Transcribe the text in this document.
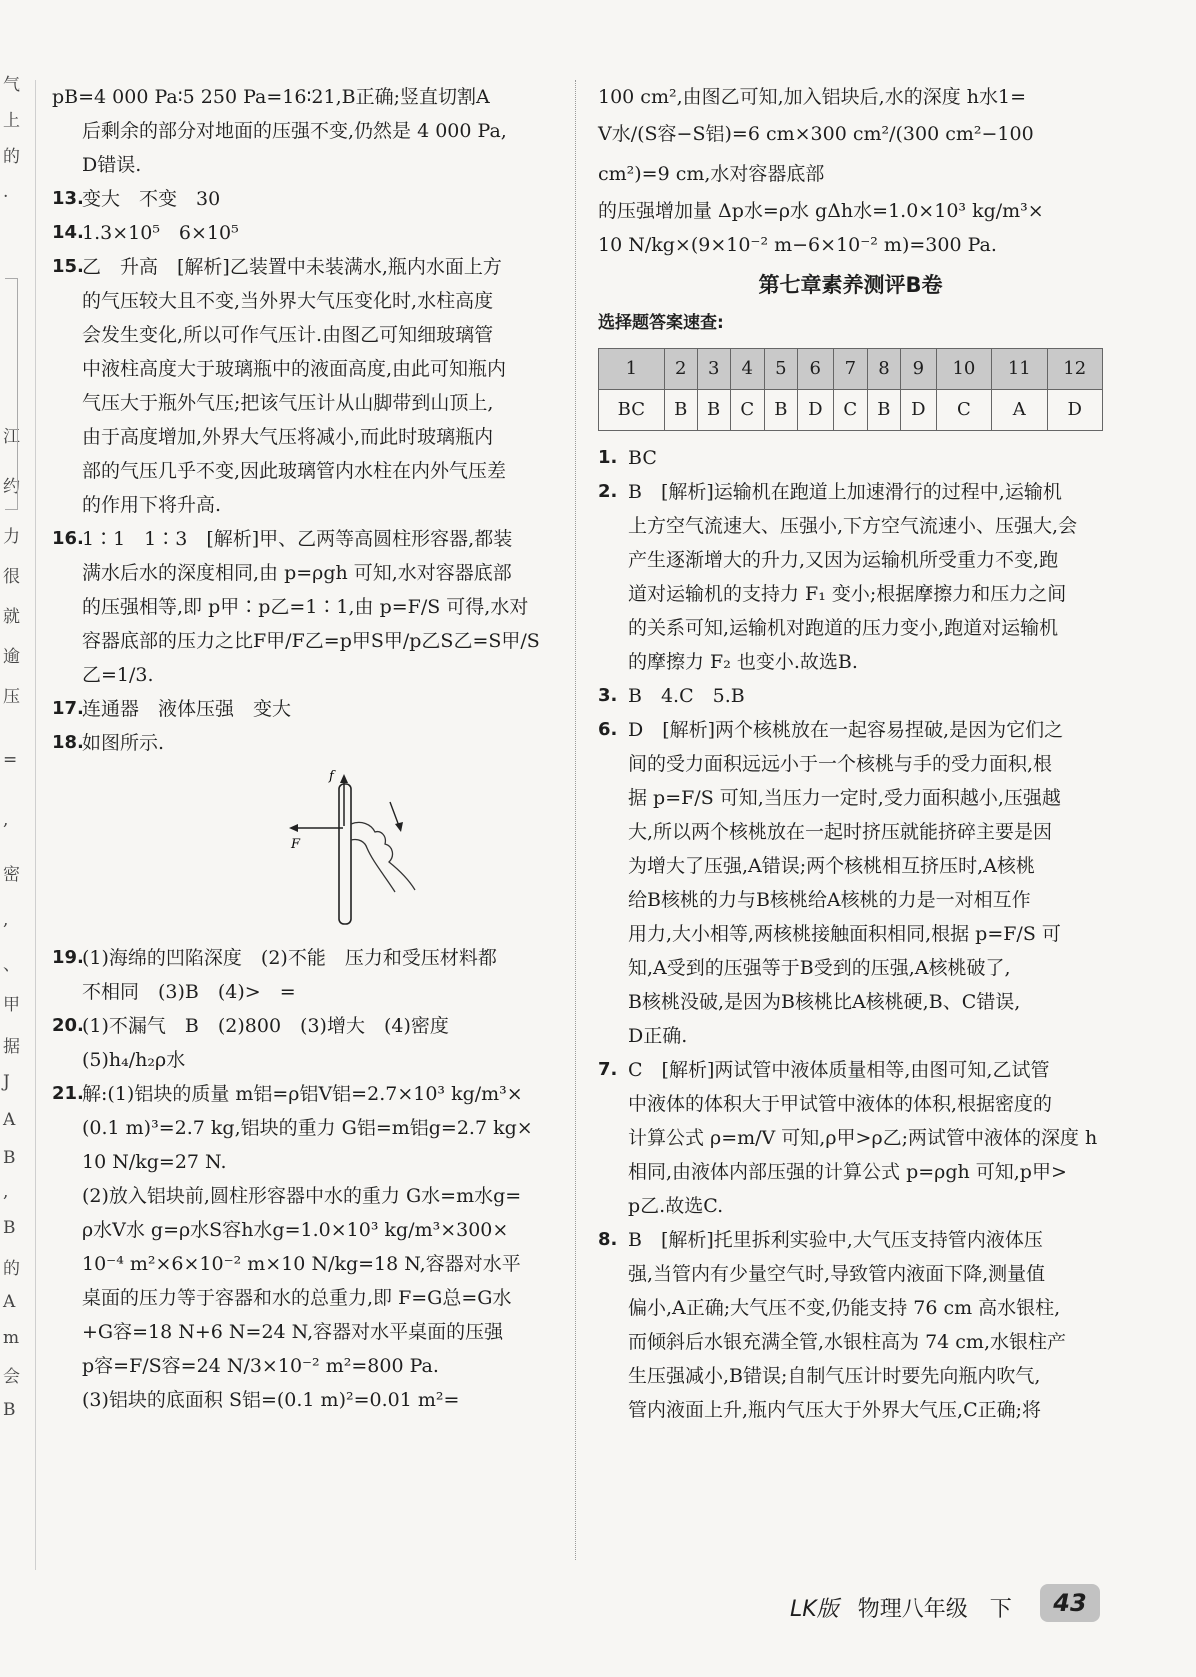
气
上
的
.
江
约
力
很
就
逾
压
=
,
密
,
、
甲
据
J
A
B
,
B
的
A
m
会
B

pB=4 000 Pa∶5 250 Pa=16∶21,B正确;竖直切割A

后剩余的部分对地面的压强不变,仍然是 4 000 Pa,

D错误.

13.

变大　不变　30

14.

1.3×10⁵　6×10⁵

15.

乙　升高　[解析]乙装置中未装满水,瓶内水面上方

的气压较大且不变,当外界大气压变化时,水柱高度

会发生变化,所以可作气压计.由图乙可知细玻璃管

中液柱高度大于玻璃瓶中的液面高度,由此可知瓶内

气压大于瓶外气压;把该气压计从山脚带到山顶上,

由于高度增加,外界大气压将减小,而此时玻璃瓶内

部的气压几乎不变,因此玻璃管内水柱在内外气压差

的作用下将升高.

16.

1∶1　1∶3　[解析]甲、乙两等高圆柱形容器,都装

满水后水的深度相同,由 p=ρgh 可知,水对容器底部

的压强相等,即 p甲∶p乙=1∶1,由 p=F/S 可得,水对

容器底部的压力之比F甲/F乙=p甲S甲/p乙S乙=S甲/S乙=1/3.

17.

连通器　液体压强　变大

18.

如图所示.

f
F
19.

(1)海绵的凹陷深度　(2)不能　压力和受压材料都

不相同　(3)B　(4)>　=

20.

(1)不漏气　B　(2)800　(3)增大　(4)密度

(5)h₄/h₂ρ水

21.

解:(1)铝块的质量 m铝=ρ铝V铝=2.7×10³ kg/m³×

(0.1 m)³=2.7 kg,铝块的重力 G铝=m铝g=2.7 kg×

10 N/kg=27 N.

(2)放入铝块前,圆柱形容器中水的重力 G水=m水g=

ρ水V水 g=ρ水S容h水g=1.0×10³ kg/m³×300×

10⁻⁴ m²×6×10⁻² m×10 N/kg=18 N,容器对水平

桌面的压力等于容器和水的总重力,即 F=G总=G水

+G容=18 N+6 N=24 N,容器对水平桌面的压强

p容=F/S容=24 N/3×10⁻² m²=800 Pa.

(3)铝块的底面积 S铝=(0.1 m)²=0.01 m²=

100 cm²,由图乙可知,加入铝块后,水的深度 h水1=

V水/(S容−S铝)=6 cm×300 cm²/(300 cm²−100 cm²)=9 cm,水对容器底部

的压强增加量 Δp水=ρ水 gΔh水=1.0×10³ kg/m³×

10 N/kg×(9×10⁻² m−6×10⁻² m)=300 Pa.

第七章素养测评B卷
选择题答案速查:
1	2	3	4	5	6	7	8	9	10	11	12
BC	B	B	C	B	D	C	B	D	C	A	D
1. BC

2. B　[解析]运输机在跑道上加速滑行的过程中,运输机

上方空气流速大、压强小,下方空气流速小、压强大,会

产生逐渐增大的升力,又因为运输机所受重力不变,跑

道对运输机的支持力 F₁ 变小;根据摩擦力和压力之间

的关系可知,运输机对跑道的压力变小,跑道对运输机

的摩擦力 F₂ 也变小.故选B.

3. B　4.C　5.B

6. D　[解析]两个核桃放在一起容易捏破,是因为它们之

间的受力面积远远小于一个核桃与手的受力面积,根

据 p=F/S 可知,当压力一定时,受力面积越小,压强越

大,所以两个核桃放在一起时挤压就能挤碎主要是因

为增大了压强,A错误;两个核桃相互挤压时,A核桃

给B核桃的力与B核桃给A核桃的力是一对相互作

用力,大小相等,两核桃接触面积相同,根据 p=F/S 可

知,A受到的压强等于B受到的压强,A核桃破了,

B核桃没破,是因为B核桃比A核桃硬,B、C错误,

D正确.

7. C　[解析]两试管中液体质量相等,由图可知,乙试管

中液体的体积大于甲试管中液体的体积,根据密度的

计算公式 ρ=m/V 可知,ρ甲>ρ乙;两试管中液体的深度 h

相同,由液体内部压强的计算公式 p=ρgh 可知,p甲>

p乙.故选C.

8. B　[解析]托里拆利实验中,大气压支持管内液体压

强,当管内有少量空气时,导致管内液面下降,测量值

偏小,A正确;大气压不变,仍能支持 76 cm 高水银柱,

而倾斜后水银充满全管,水银柱高为 74 cm,水银柱产

生压强减小,B错误;自制气压计时要先向瓶内吹气,

管内液面上升,瓶内气压大于外界大气压,C正确;将

LK版 物理八年级　下	43
